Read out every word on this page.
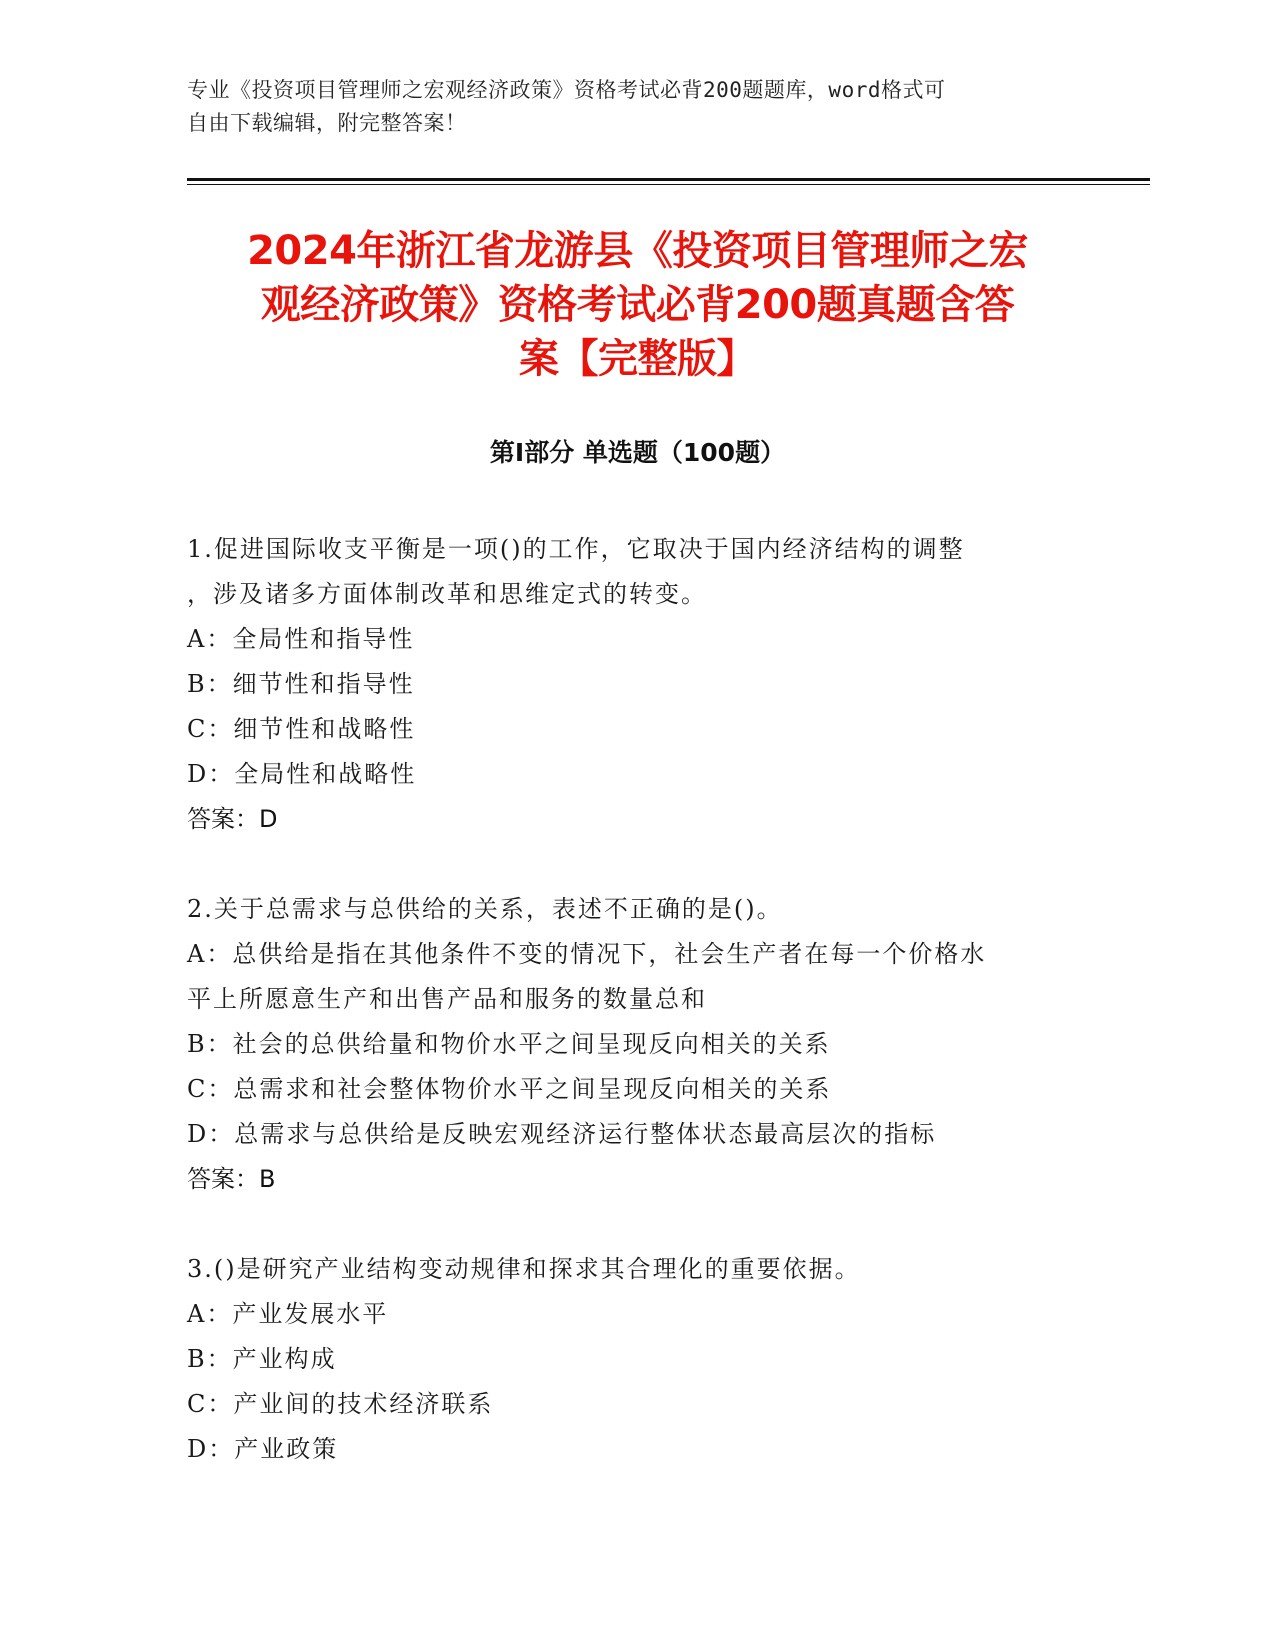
专业《投资项目管理师之宏观经济政策》资格考试必背200题题库，word格式可
自由下载编辑，附完整答案！
2024年浙江省龙游县《投资项目管理师之宏
观经济政策》资格考试必背200题真题含答
案【完整版】
第Ⅰ部分 单选题（100题）
1.促进国际收支平衡是一项()的工作，它取决于国内经济结构的调整
，涉及诸多方面体制改革和思维定式的转变。
A：全局性和指导性
B：细节性和指导性
C：细节性和战略性
D：全局性和战略性
答案：D
2.关于总需求与总供给的关系，表述不正确的是()。
A：总供给是指在其他条件不变的情况下，社会生产者在每一个价格水
平上所愿意生产和出售产品和服务的数量总和
B：社会的总供给量和物价水平之间呈现反向相关的关系
C：总需求和社会整体物价水平之间呈现反向相关的关系
D：总需求与总供给是反映宏观经济运行整体状态最高层次的指标
答案：B
3.()是研究产业结构变动规律和探求其合理化的重要依据。
A：产业发展水平
B：产业构成
C：产业间的技术经济联系
D：产业政策
